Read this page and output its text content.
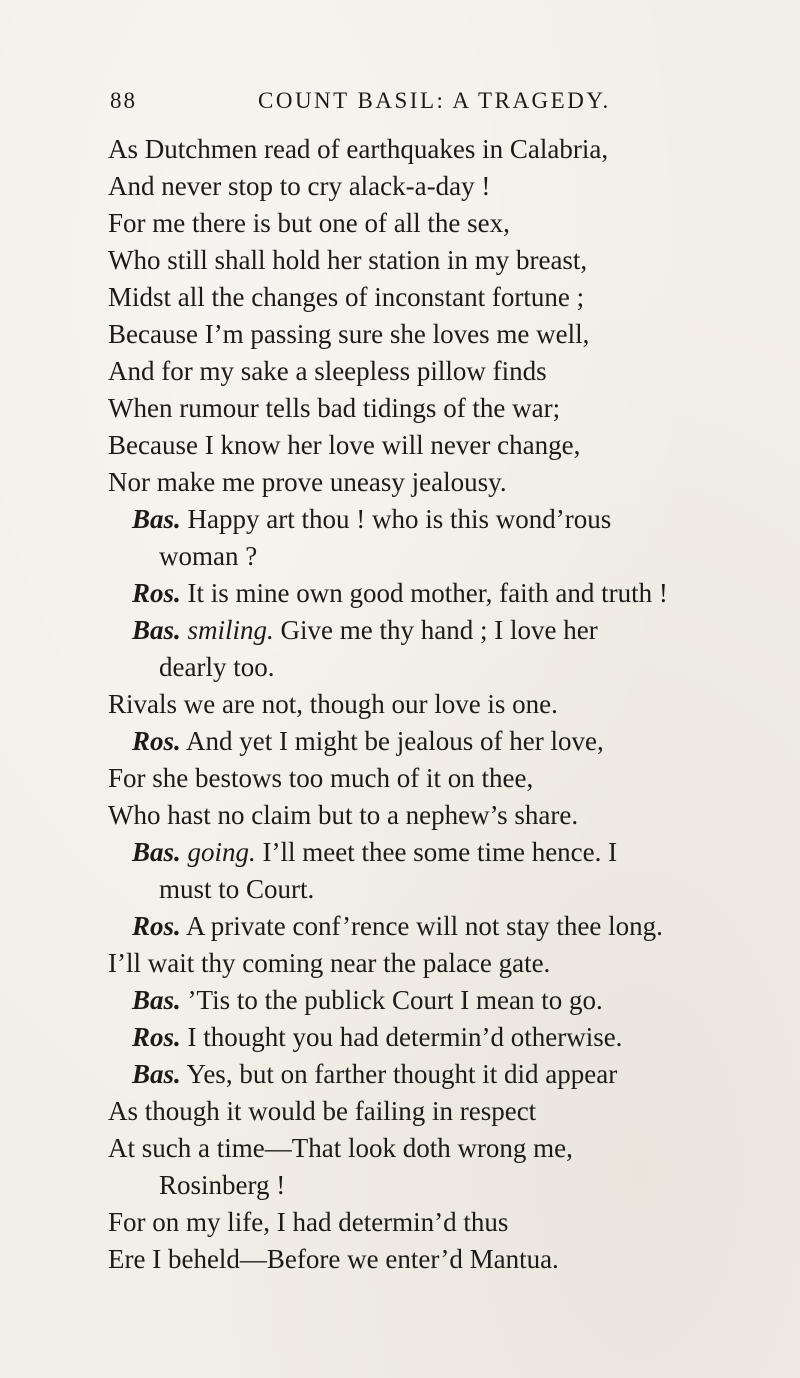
88	COUNT BASIL: A TRAGEDY.
As Dutchmen read of earthquakes in Calabria,
And never stop to cry alack-a-day !
For me there is but one of all the sex,
Who still shall hold her station in my breast,
Midst all the changes of inconstant fortune ;
Because I’m passing sure she loves me well,
And for my sake a sleepless pillow finds
When rumour tells bad tidings of the war;
Because I know her love will never change,
Nor make me prove uneasy jealousy.
Bas. Happy art thou ! who is this wond’rous
woman ?
Ros. It is mine own good mother, faith and truth !
Bas. smiling. Give me thy hand ; I love her
dearly too.
Rivals we are not, though our love is one.
Ros. And yet I might be jealous of her love,
For she bestows too much of it on thee,
Who hast no claim but to a nephew’s share.
Bas. going. I’ll meet thee some time hence. I
must to Court.
Ros. A private conf’rence will not stay thee long.
I’ll wait thy coming near the palace gate.
Bas. ’Tis to the publick Court I mean to go.
Ros. I thought you had determin’d otherwise.
Bas. Yes, but on farther thought it did appear
As though it would be failing in respect
At such a time—That look doth wrong me,
Rosinberg !
For on my life, I had determin’d thus
Ere I beheld—Before we enter’d Mantua.
